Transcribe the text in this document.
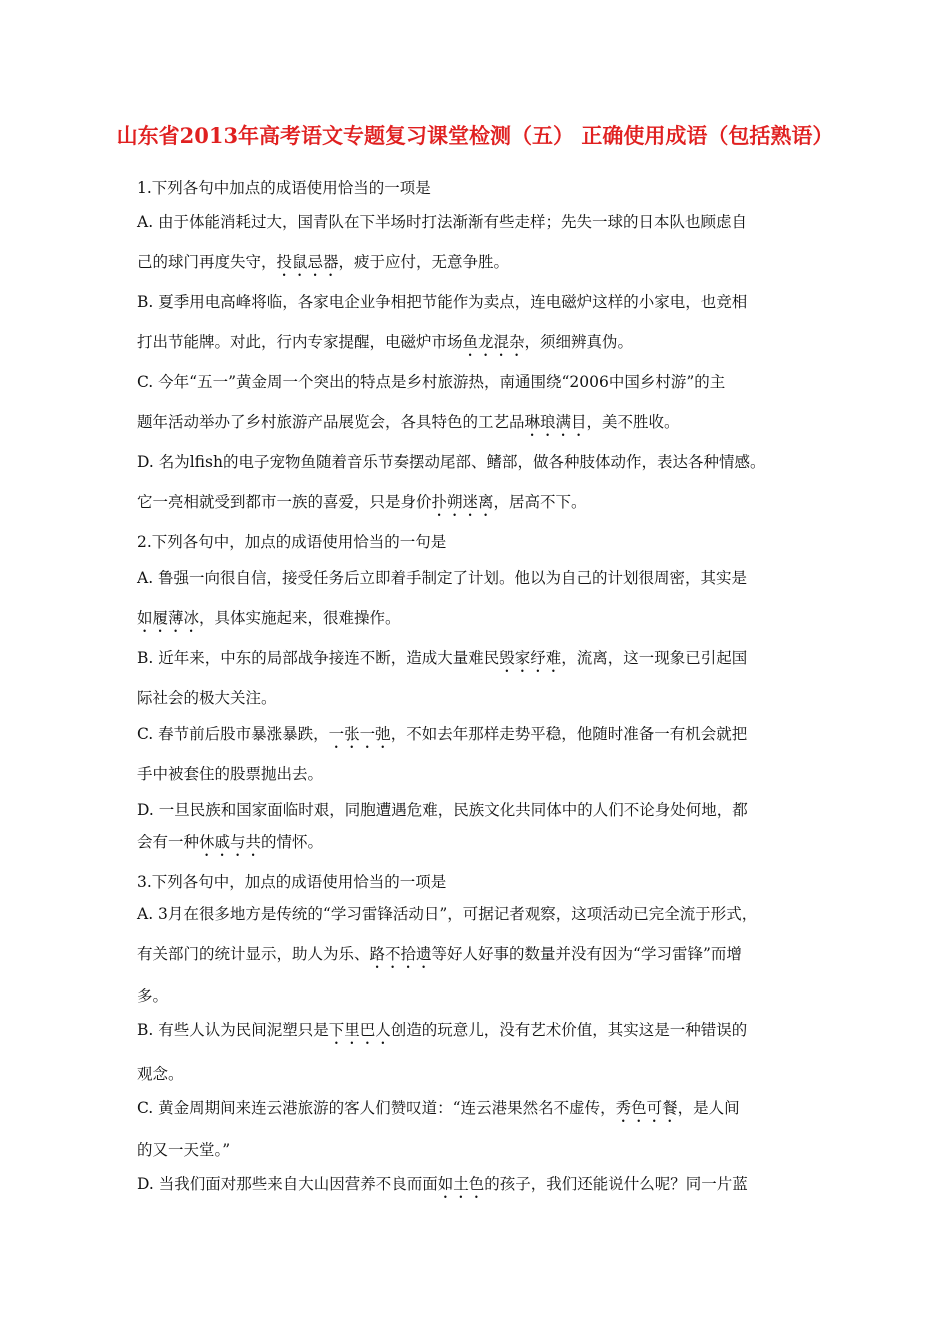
山东省2013年高考语文专题复习课堂检测（五） 正确使用成语（包括熟语）
1.下列各句中加点的成语使用恰当的一项是
A. 由于体能消耗过大，国青队在下半场时打法渐渐有些走样；先失一球的日本队也顾虑自
己的球门再度失守，投鼠忌器，疲于应付，无意争胜。
B. 夏季用电高峰将临，各家电企业争相把节能作为卖点，连电磁炉这样的小家电，也竞相
打出节能牌。对此，行内专家提醒，电磁炉市场鱼龙混杂，须细辨真伪。
C. 今年“五一”黄金周一个突出的特点是乡村旅游热，南通围绕“2006中国乡村游”的主
题年活动举办了乡村旅游产品展览会，各具特色的工艺品琳琅满目，美不胜收。
D. 名为lfish的电子宠物鱼随着音乐节奏摆动尾部、鳍部，做各种肢体动作，表达各种情感。
它一亮相就受到都市一族的喜爱，只是身价扑朔迷离，居高不下。
2.下列各句中，加点的成语使用恰当的一句是
A. 鲁强一向很自信，接受任务后立即着手制定了计划。他以为自己的计划很周密，其实是
如履薄冰，具体实施起来，很难操作。
B. 近年来，中东的局部战争接连不断，造成大量难民毁家纾难，流离，这一现象已引起国
际社会的极大关注。
C. 春节前后股市暴涨暴跌，一张一弛，不如去年那样走势平稳，他随时准备一有机会就把
手中被套住的股票抛出去。
D. 一旦民族和国家面临时艰，同胞遭遇危难，民族文化共同体中的人们不论身处何地，都
会有一种休戚与共的情怀。
3.下列各句中，加点的成语使用恰当的一项是
A. 3月在很多地方是传统的“学习雷锋活动日”，可据记者观察，这项活动已完全流于形式，
有关部门的统计显示，助人为乐、路不拾遗等好人好事的数量并没有因为“学习雷锋”而增
多。
B. 有些人认为民间泥塑只是下里巴人创造的玩意儿，没有艺术价值，其实这是一种错误的
观念。
C. 黄金周期间来连云港旅游的客人们赞叹道：“连云港果然名不虚传，秀色可餐，是人间
的又一天堂。”
D. 当我们面对那些来自大山因营养不良而面如土色的孩子，我们还能说什么呢？同一片蓝
